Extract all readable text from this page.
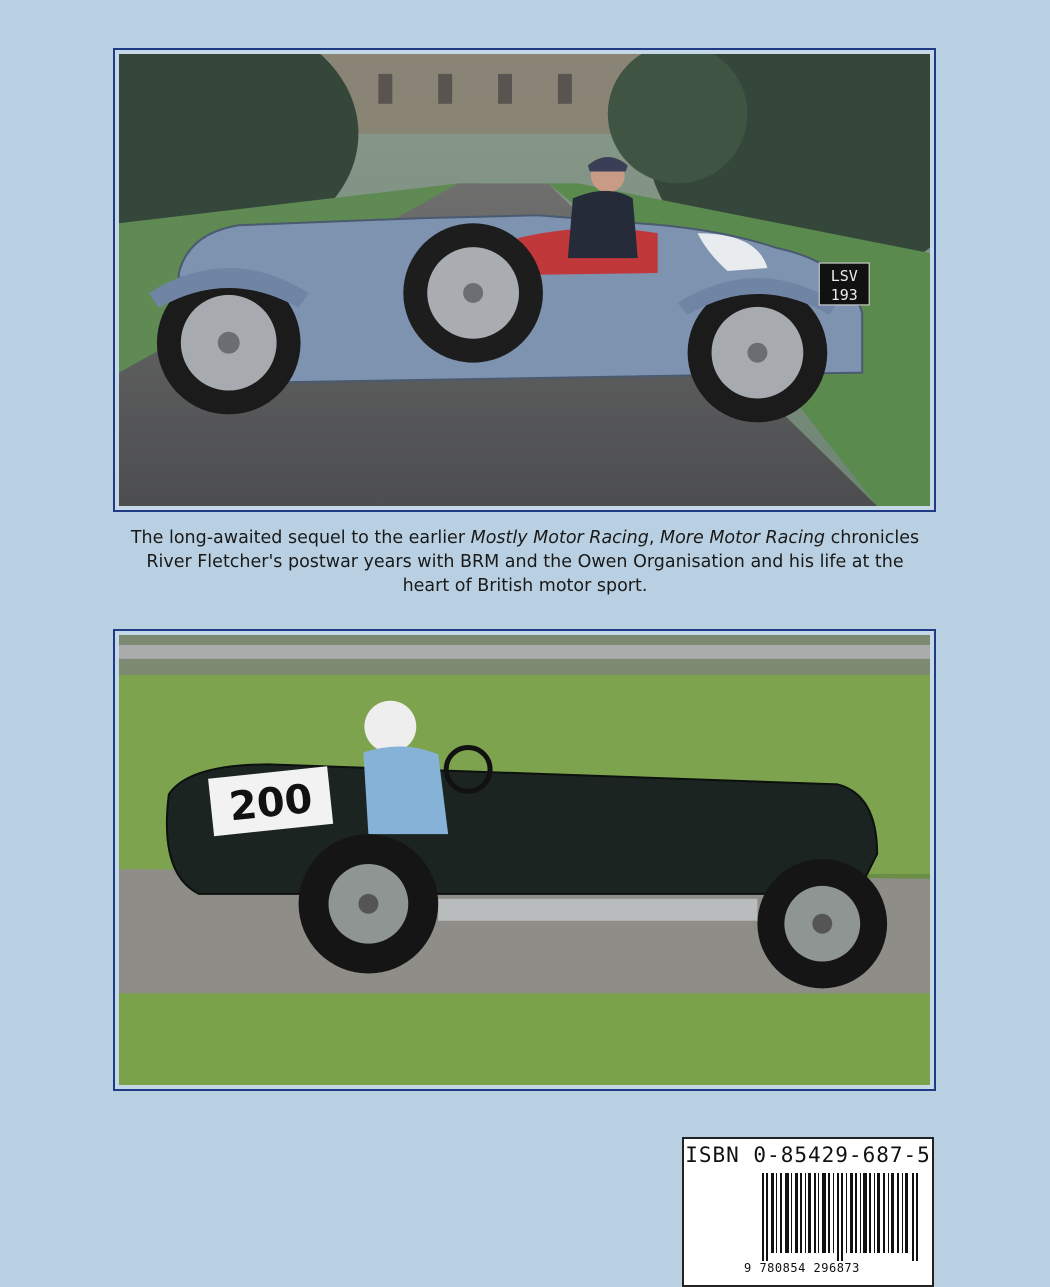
LSV
193
The long-awaited sequel to the earlier Mostly Motor Racing, More Motor Racing chronicles
River Fletcher's postwar years with BRM and the Owen Organisation and his life at the
heart of British motor sport.
200
ISBN 0-85429-687-5
9 780854 296873
